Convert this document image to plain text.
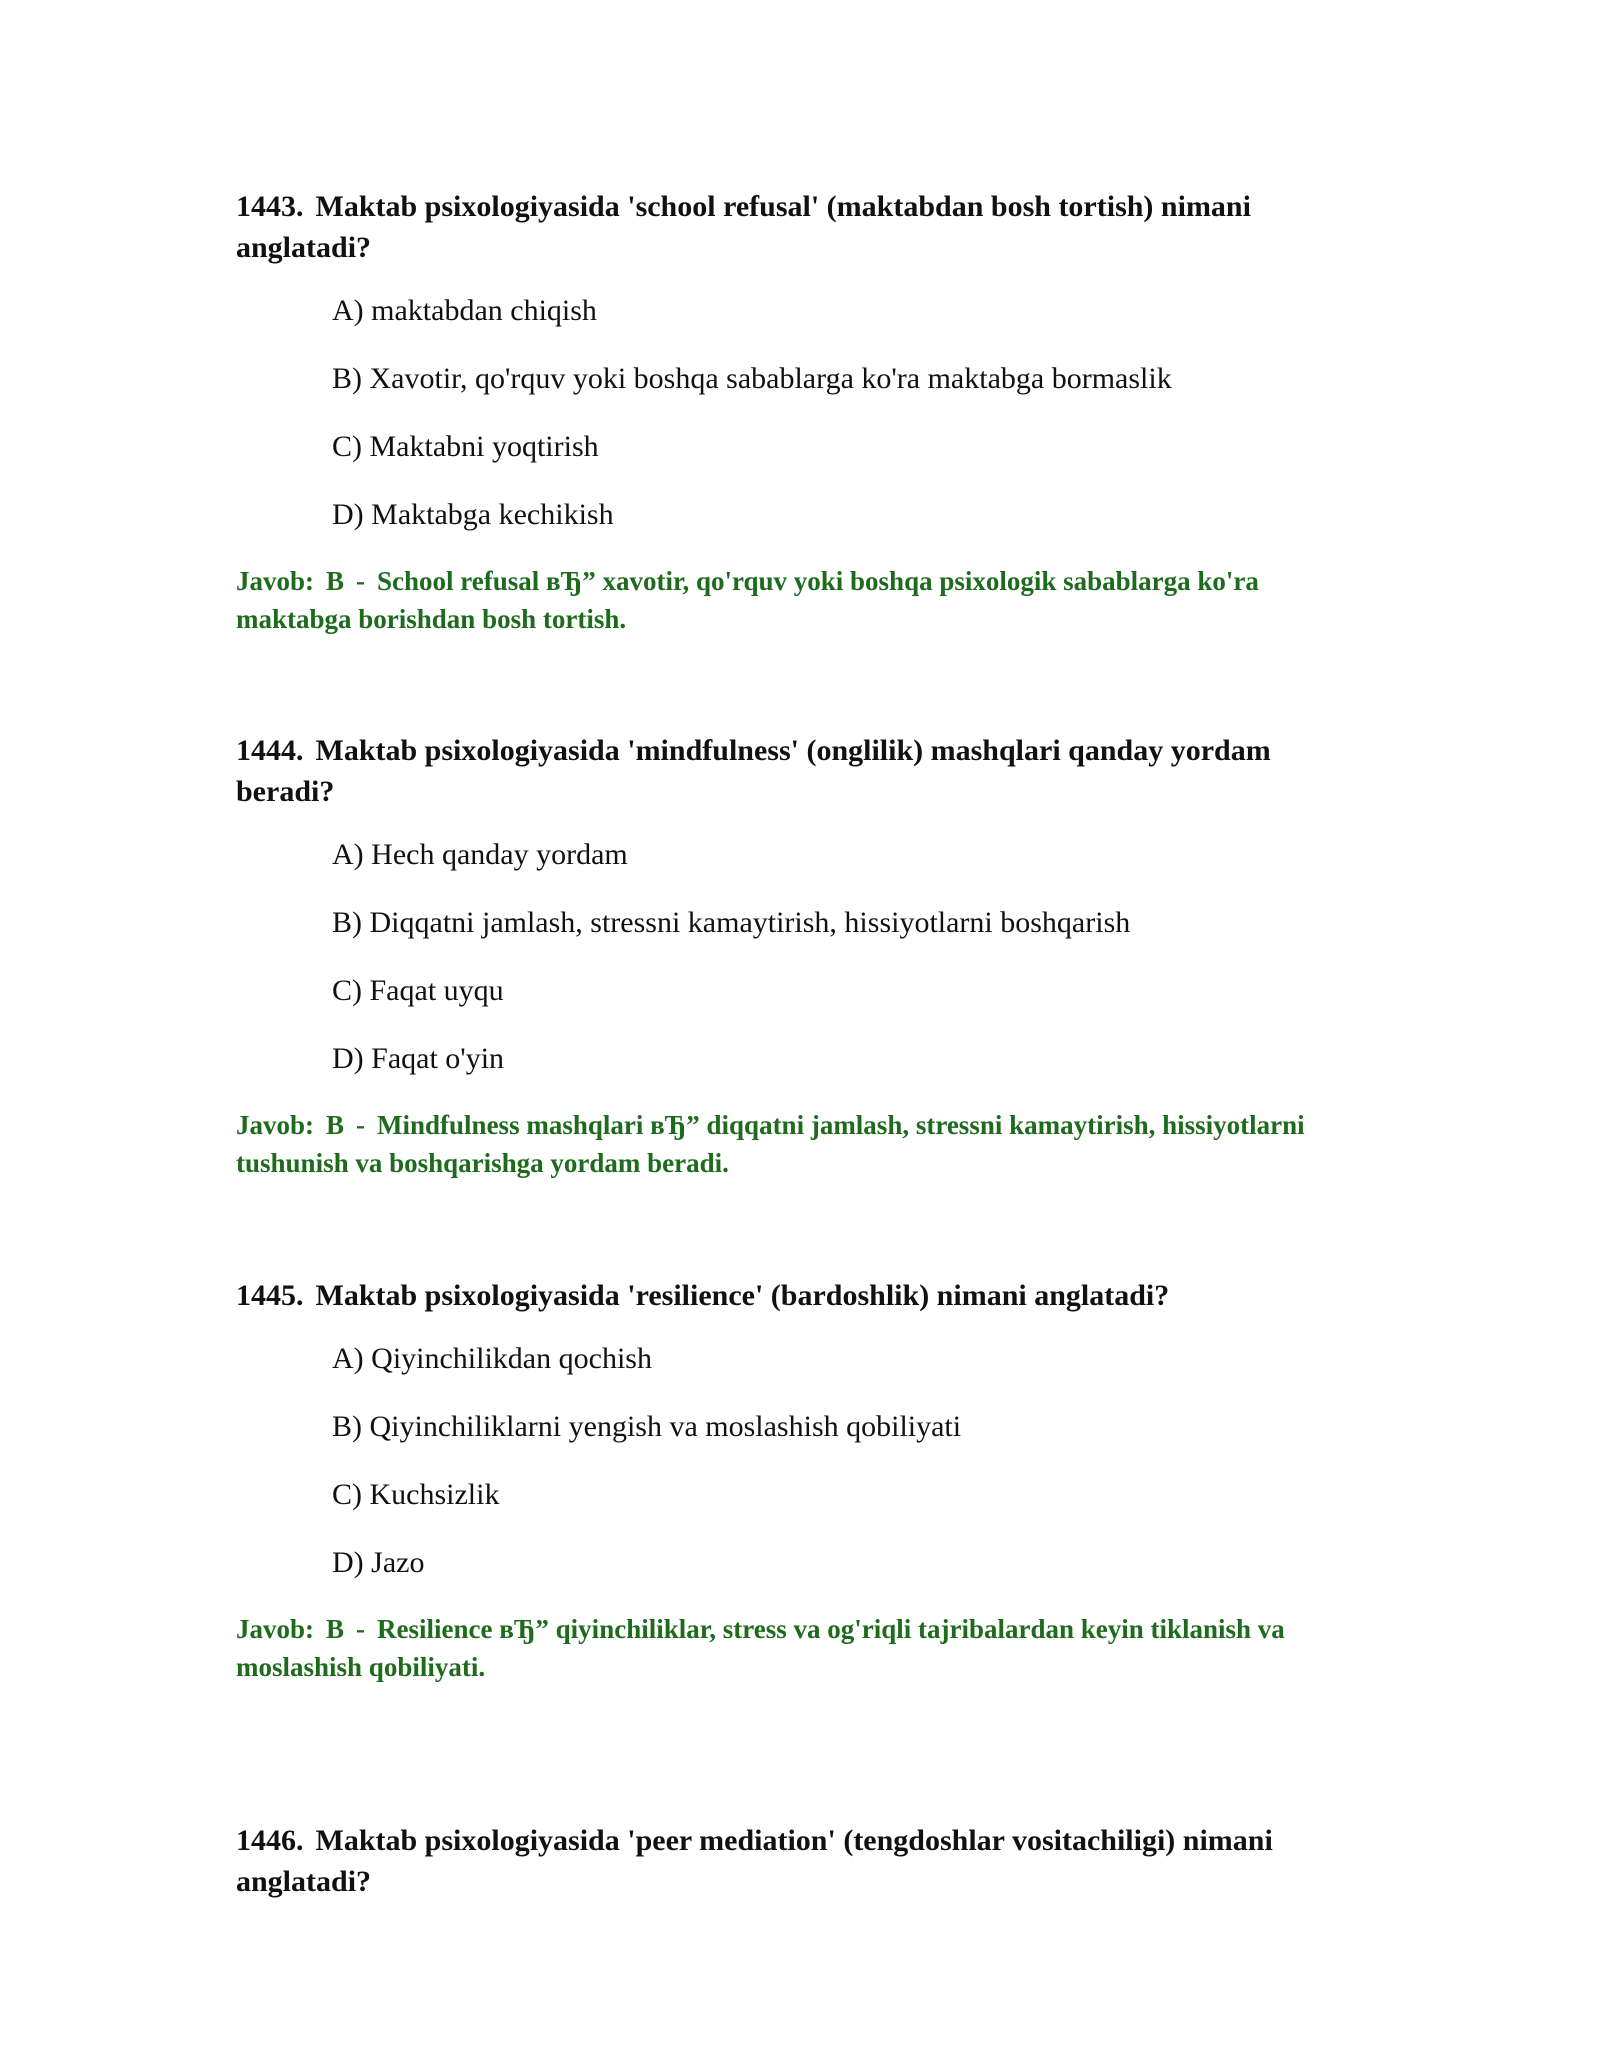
1443. Maktab psixologiyasida 'school refusal' (maktabdan bosh tortish) nimani anglatadi?

A) maktabdan chiqish
B) Xavotir, qo'rquv yoki boshqa sabablarga ko'ra maktabga bormaslik
C) Maktabni yoqtirish
D) Maktabga kechikish

Javob: B - School refusal вЂ” xavotir, qo'rquv yoki boshqa psixologik sabablarga ko'ra maktabga borishdan bosh tortish.

1444. Maktab psixologiyasida 'mindfulness' (onglilik) mashqlari qanday yordam beradi?

A) Hech qanday yordam
B) Diqqatni jamlash, stressni kamaytirish, hissiyotlarni boshqarish
C) Faqat uyqu
D) Faqat o'yin

Javob: B - Mindfulness mashqlari вЂ” diqqatni jamlash, stressni kamaytirish, hissiyotlarni tushunish va boshqarishga yordam beradi.

1445. Maktab psixologiyasida 'resilience' (bardoshlik) nimani anglatadi?

A) Qiyinchilikdan qochish
B) Qiyinchiliklarni yengish va moslashish qobiliyati
C) Kuchsizlik
D) Jazo

Javob: B - Resilience вЂ” qiyinchiliklar, stress va og'riqli tajribalardan keyin tiklanish va moslashish qobiliyati.

1446. Maktab psixologiyasida 'peer mediation' (tengdoshlar vositachiligi) nimani anglatadi?
